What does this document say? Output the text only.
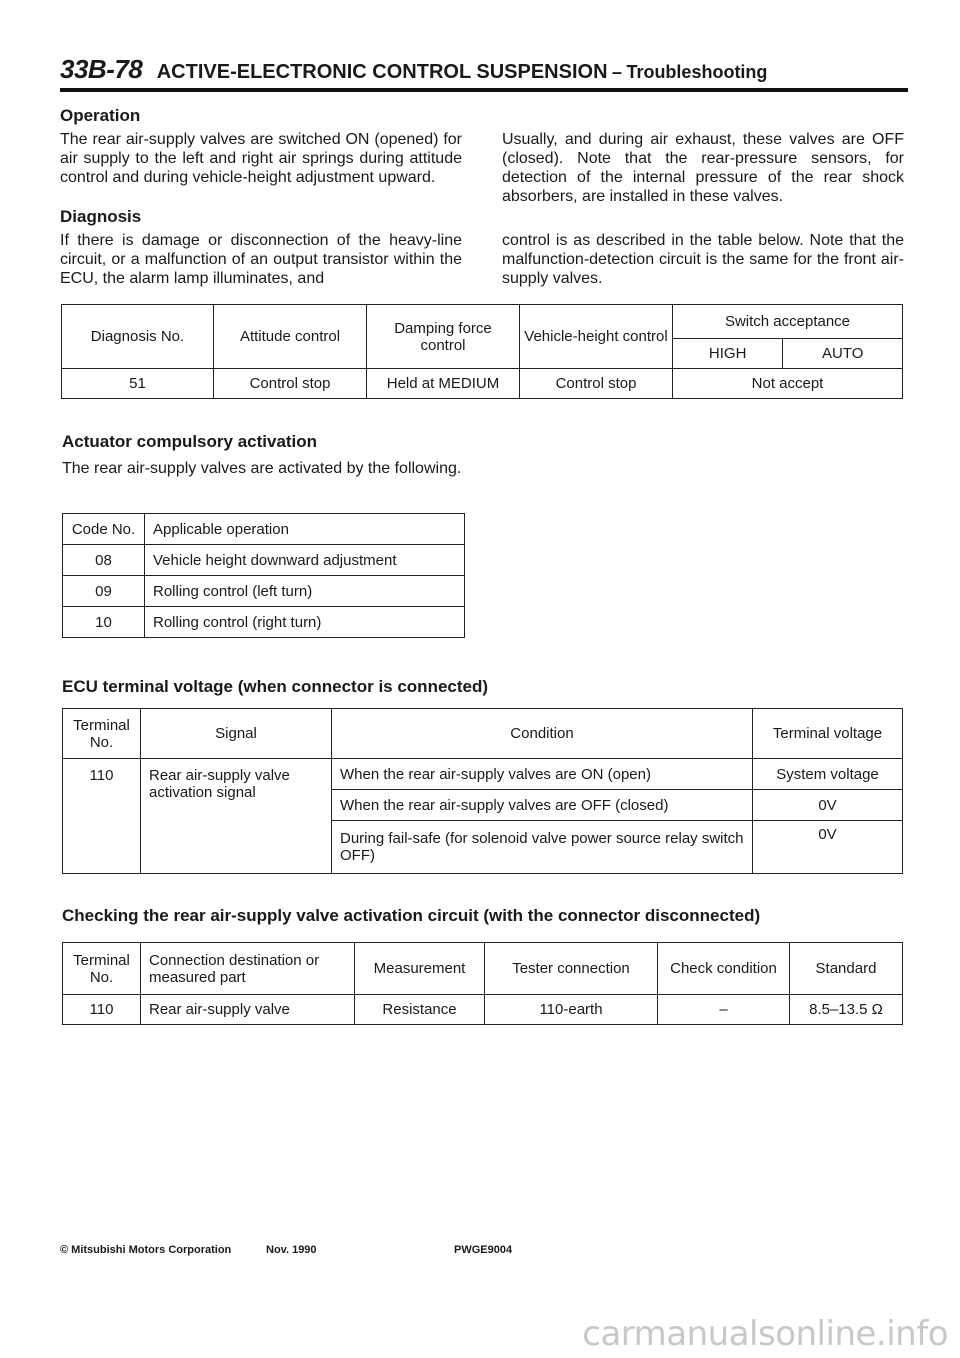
33B-78 ACTIVE-ELECTRONIC CONTROL SUSPENSION – Troubleshooting
Operation
The rear air-supply valves are switched ON (opened) for air supply to the left and right air springs during attitude control and during vehicle-height adjustment upward.
Usually, and during air exhaust, these valves are OFF (closed). Note that the rear-pressure sensors, for detection of the internal pressure of the rear shock absorbers, are installed in these valves.
Diagnosis
If there is damage or disconnection of the heavy-line circuit, or a malfunction of an output transistor within the ECU, the alarm lamp illuminates, and
control is as described in the table below. Note that the malfunction-detection circuit is the same for the front air-supply valves.
Diagnosis No.	Attitude control	Damping force control	Vehicle-height control	Switch acceptance	
				HIGH	AUTO
51	Control stop	Held at MEDIUM	Control stop	Not accept	
Actuator compulsory activation
The rear air-supply valves are activated by the following.
Code No.	Applicable operation
08	Vehicle height downward adjustment
09	Rolling control (left turn)
10	Rolling control (right turn)
ECU terminal voltage (when connector is connected)
Terminal No.	Signal	Condition	Terminal voltage
110	Rear air-supply valve activation signal	When the rear air-supply valves are ON (open)	System voltage
		When the rear air-supply valves are OFF (closed)	0V
		During fail-safe (for solenoid valve power source relay switch OFF)	0V
Checking the rear air-supply valve activation circuit (with the connector disconnected)
Terminal No.	Connection destination or measured part	Measurement	Tester connection	Check condition	Standard
110	Rear air-supply valve	Resistance	110-earth	–	8.5–13.5 Ω
© Mitsubishi Motors Corporation	Nov. 1990	PWGE9004
carmanualsonline.info
